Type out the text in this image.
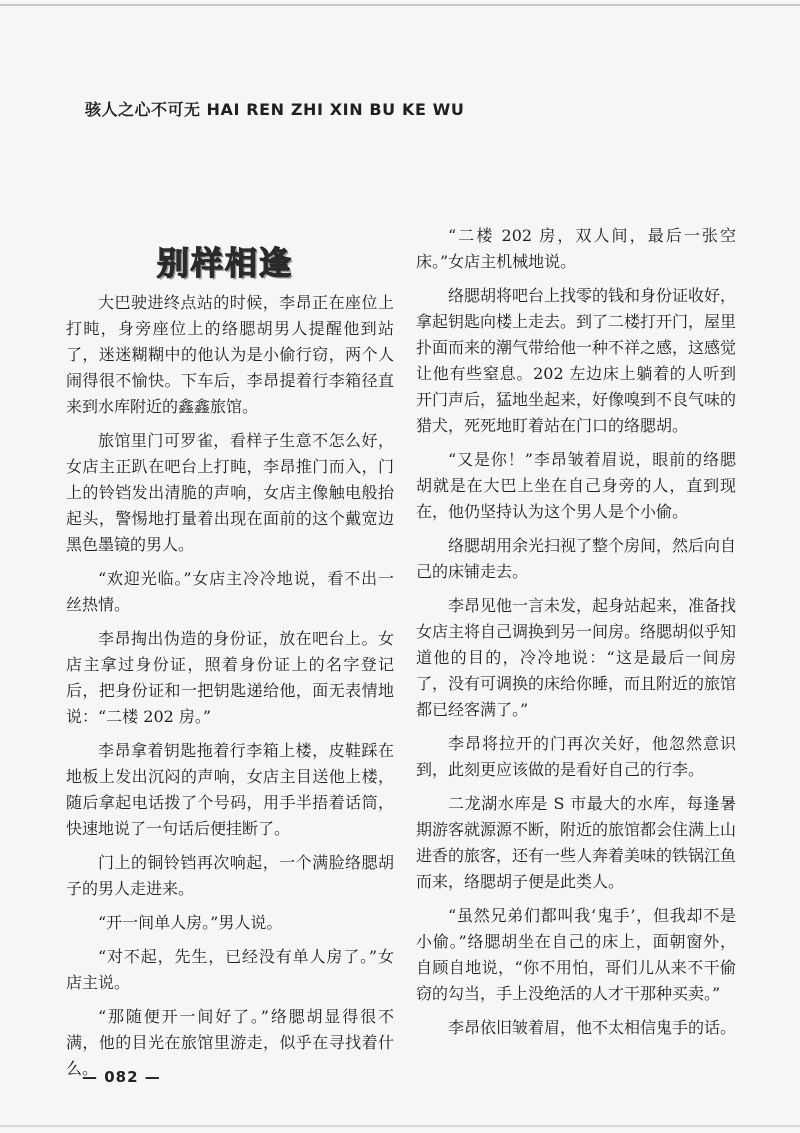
骇人之心不可无 HAI REN ZHI XIN BU KE WU
别样相逢

大巴驶进终点站的时候，李昂正在座位上打盹，身旁座位上的络腮胡男人提醒他到站了，迷迷糊糊中的他认为是小偷行窃，两个人闹得很不愉快。下车后，李昂提着行李箱径直来到水库附近的鑫鑫旅馆。

旅馆里门可罗雀，看样子生意不怎么好，女店主正趴在吧台上打盹，李昂推门而入，门上的铃铛发出清脆的声响，女店主像触电般抬起头，警惕地打量着出现在面前的这个戴宽边黑色墨镜的男人。

“欢迎光临。”女店主冷冷地说，看不出一丝热情。

李昂掏出伪造的身份证，放在吧台上。女店主拿过身份证，照着身份证上的名字登记后，把身份证和一把钥匙递给他，面无表情地说：“二楼 202 房。”

李昂拿着钥匙拖着行李箱上楼，皮鞋踩在地板上发出沉闷的声响，女店主目送他上楼，随后拿起电话拨了个号码，用手半捂着话筒，快速地说了一句话后便挂断了。

门上的铜铃铛再次响起，一个满脸络腮胡子的男人走进来。

“开一间单人房。”男人说。

“对不起，先生，已经没有单人房了。”女店主说。

“那随便开一间好了。”络腮胡显得很不满，他的目光在旅馆里游走，似乎在寻找着什么。

“二楼 202 房，双人间，最后一张空床。”女店主机械地说。

络腮胡将吧台上找零的钱和身份证收好，拿起钥匙向楼上走去。到了二楼打开门，屋里扑面而来的潮气带给他一种不祥之感，这感觉让他有些窒息。202 左边床上躺着的人听到开门声后，猛地坐起来，好像嗅到不良气味的猎犬，死死地盯着站在门口的络腮胡。

“又是你！”李昂皱着眉说，眼前的络腮胡就是在大巴上坐在自己身旁的人，直到现在，他仍坚持认为这个男人是个小偷。

络腮胡用余光扫视了整个房间，然后向自己的床铺走去。

李昂见他一言未发，起身站起来，准备找女店主将自己调换到另一间房。络腮胡似乎知道他的目的，冷冷地说：“这是最后一间房了，没有可调换的床给你睡，而且附近的旅馆都已经客满了。”

李昂将拉开的门再次关好，他忽然意识到，此刻更应该做的是看好自己的行李。

二龙湖水库是 S 市最大的水库，每逢暑期游客就源源不断，附近的旅馆都会住满上山进香的旅客，还有一些人奔着美味的铁锅江鱼而来，络腮胡子便是此类人。

“虽然兄弟们都叫我‘鬼手’，但我却不是小偷。”络腮胡坐在自己的床上，面朝窗外，自顾自地说，“你不用怕，哥们儿从来不干偷窃的勾当，手上没绝活的人才干那种买卖。”

李昂依旧皱着眉，他不太相信鬼手的话。

— 082 —
